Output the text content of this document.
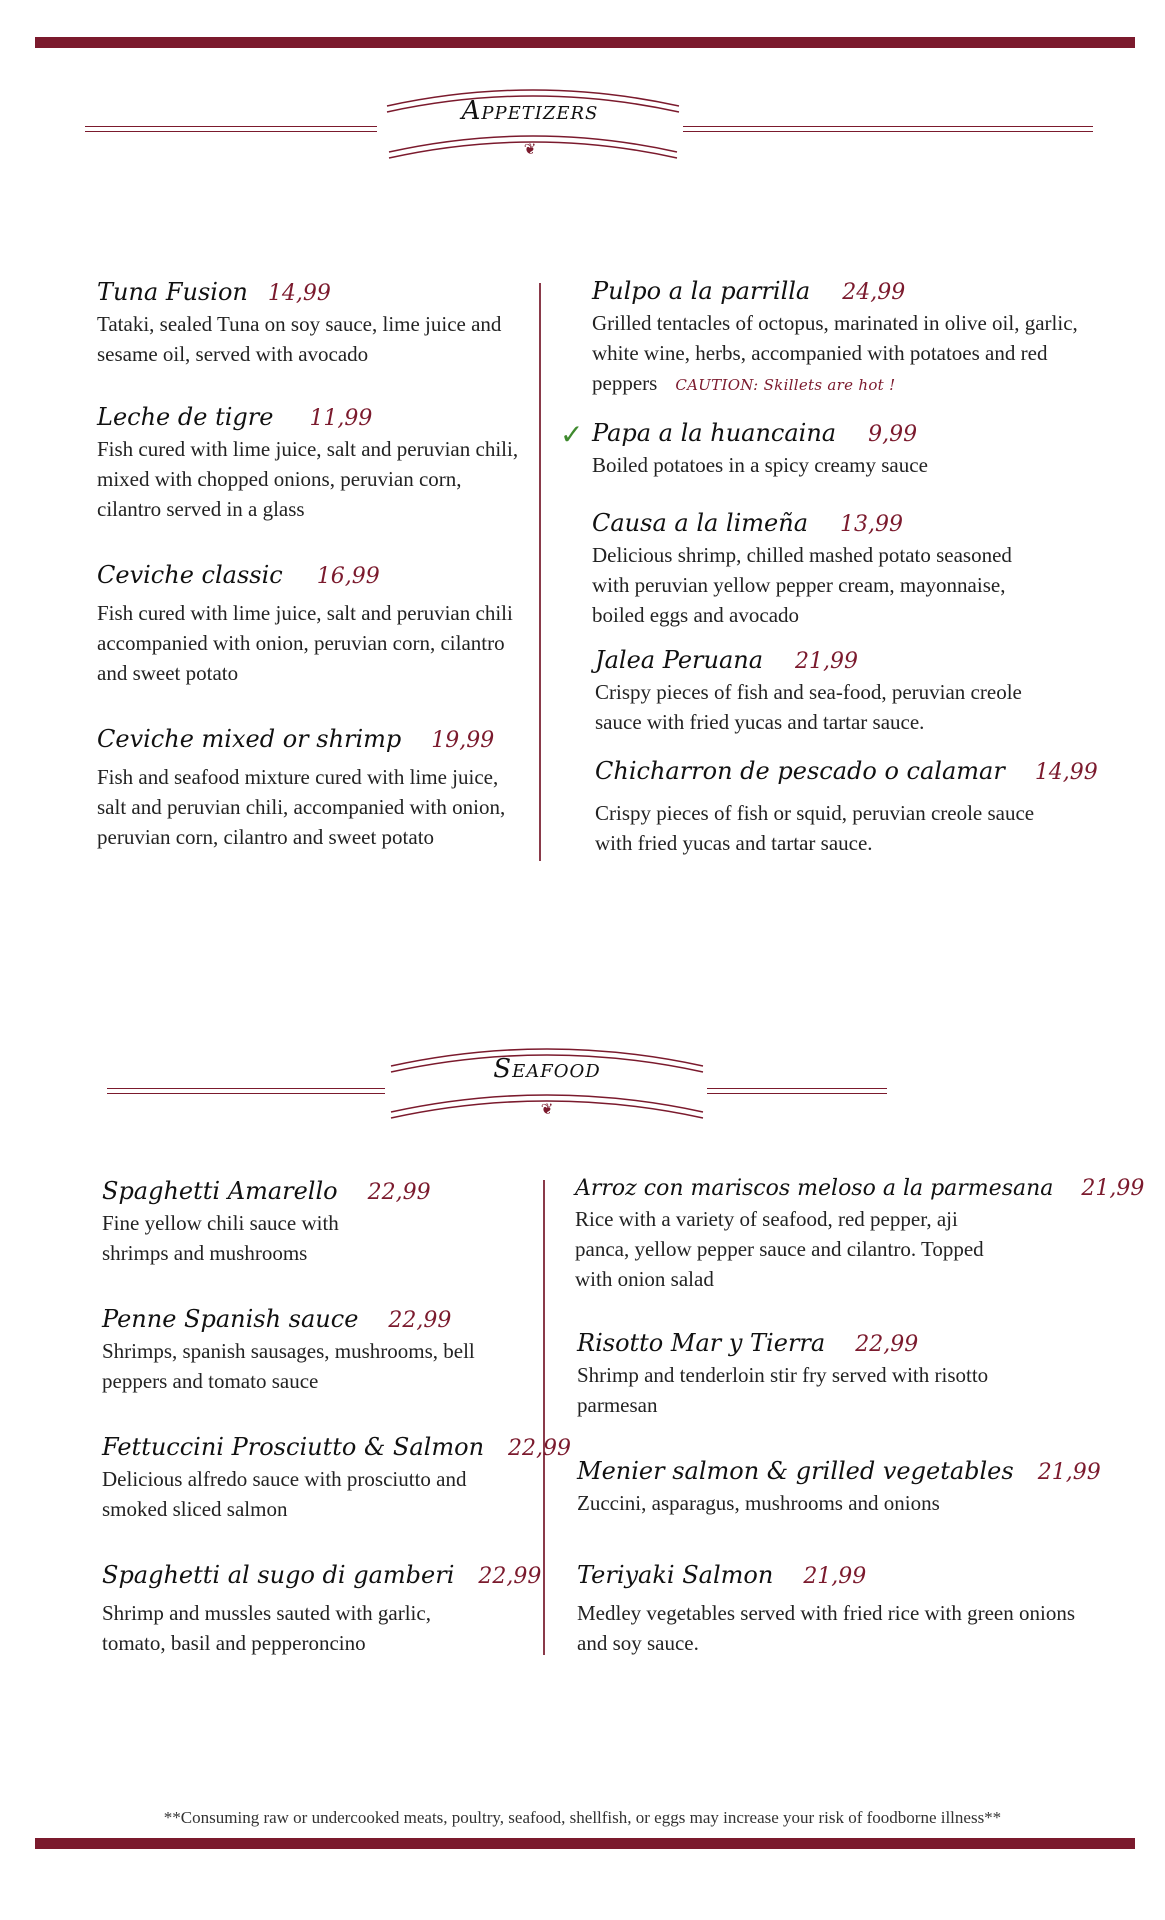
Appetizers
❦
Tuna Fusion 14,99
Tataki, sealed Tuna on soy sauce, lime juice and sesame oil, served with avocado
Leche de tigre 11,99
Fish cured with lime juice, salt and peruvian chili, mixed with chopped onions, peruvian corn, cilantro served in a glass
Ceviche classic 16,99
Fish cured with lime juice, salt and peruvian chili accompanied with onion, peruvian corn, cilantro and sweet potato
Ceviche mixed or shrimp 19,99
Fish and seafood mixture cured with lime juice, salt and peruvian chili, accompanied with onion, peruvian corn, cilantro and sweet potato
Pulpo a la parrilla 24,99
Grilled tentacles of octopus, marinated in olive oil, garlic, white wine, herbs, accompanied with potatoes and red peppers CAUTION: Skillets are hot !
✓ Papa a la huancaina 9,99
Boiled potatoes in a spicy creamy sauce
Causa a la limeña 13,99
Delicious shrimp, chilled mashed potato seasoned with peruvian yellow pepper cream, mayonnaise, boiled eggs and avocado
Jalea Peruana 21,99
Crispy pieces of fish and sea-food, peruvian creole sauce with fried yucas and tartar sauce.
Chicharron de pescado o calamar 14,99
Crispy pieces of fish or squid, peruvian creole sauce with fried yucas and tartar sauce.
Seafood
❦
Spaghetti Amarello 22,99
Fine yellow chili sauce with shrimps and mushrooms
Penne Spanish sauce 22,99
Shrimps, spanish sausages, mushrooms, bell peppers and tomato sauce
Fettuccini Prosciutto & Salmon 22,99
Delicious alfredo sauce with prosciutto and smoked sliced salmon
Spaghetti al sugo di gamberi 22,99
Shrimp and mussles sauted with garlic, tomato, basil and pepperoncino
Arroz con mariscos meloso a la parmesana 21,99
Rice with a variety of seafood, red pepper, aji panca, yellow pepper sauce and cilantro. Topped with onion salad
Risotto Mar y Tierra 22,99
Shrimp and tenderloin stir fry served with risotto parmesan
Menier salmon & grilled vegetables 21,99
Zuccini, asparagus, mushrooms and onions
Teriyaki Salmon 21,99
Medley vegetables served with fried rice with green onions and soy sauce.
**Consuming raw or undercooked meats, poultry, seafood, shellfish, or eggs may increase your risk of foodborne illness**
